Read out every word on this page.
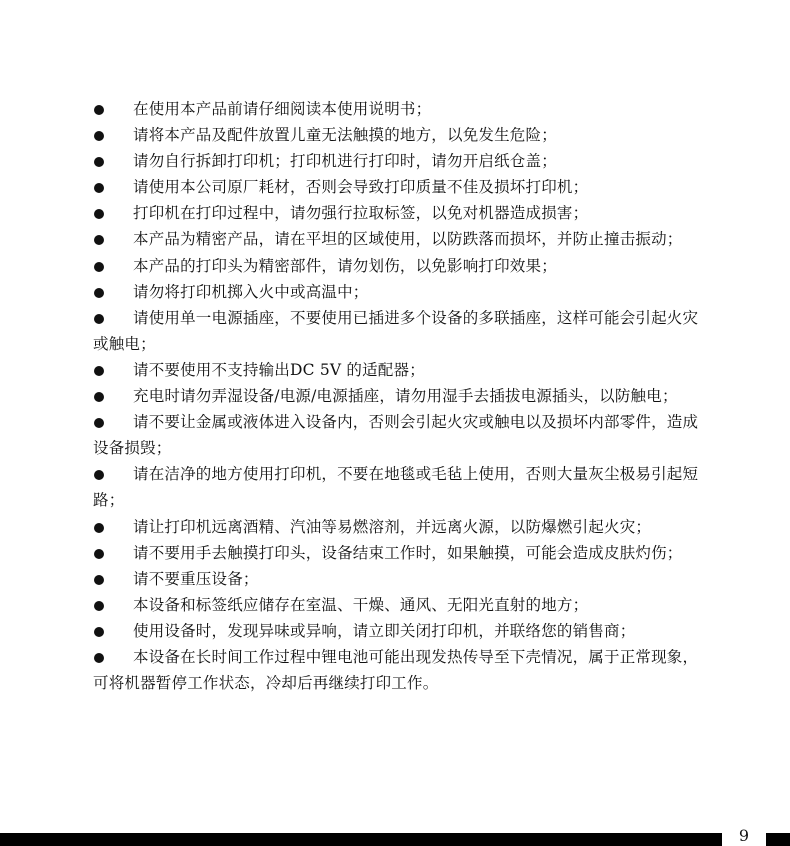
在使用本产品前请仔细阅读本使用说明书；

请将本产品及配件放置儿童无法触摸的地方，以免发生危险；

请勿自行拆卸打印机；打印机进行打印时，请勿开启纸仓盖；

请使用本公司原厂耗材，否则会导致打印质量不佳及损坏打印机；

打印机在打印过程中，请勿强行拉取标签，以免对机器造成损害；

本产品为精密产品，请在平坦的区域使用，以防跌落而损坏，并防止撞击振动；

本产品的打印头为精密部件，请勿划伤，以免影响打印效果；

请勿将打印机掷入火中或高温中；

请使用单一电源插座，不要使用已插进多个设备的多联插座，这样可能会引起火灾或触电；

请不要使用不支持输出DC 5V 的适配器；

充电时请勿弄湿设备/电源/电源插座，请勿用湿手去插拔电源插头，以防触电；

请不要让金属或液体进入设备内，否则会引起火灾或触电以及损坏内部零件，造成设备损毁；

请在洁净的地方使用打印机，不要在地毯或毛毡上使用，否则大量灰尘极易引起短路；

请让打印机远离酒精、汽油等易燃溶剂，并远离火源，以防爆燃引起火灾；

请不要用手去触摸打印头，设备结束工作时，如果触摸，可能会造成皮肤灼伤；

请不要重压设备；

本设备和标签纸应储存在室温、干燥、通风、无阳光直射的地方；

使用设备时，发现异味或异响，请立即关闭打印机，并联络您的销售商；

本设备在长时间工作过程中锂电池可能出现发热传导至下壳情况，属于正常现象，可将机器暂停工作状态，冷却后再继续打印工作。

9
